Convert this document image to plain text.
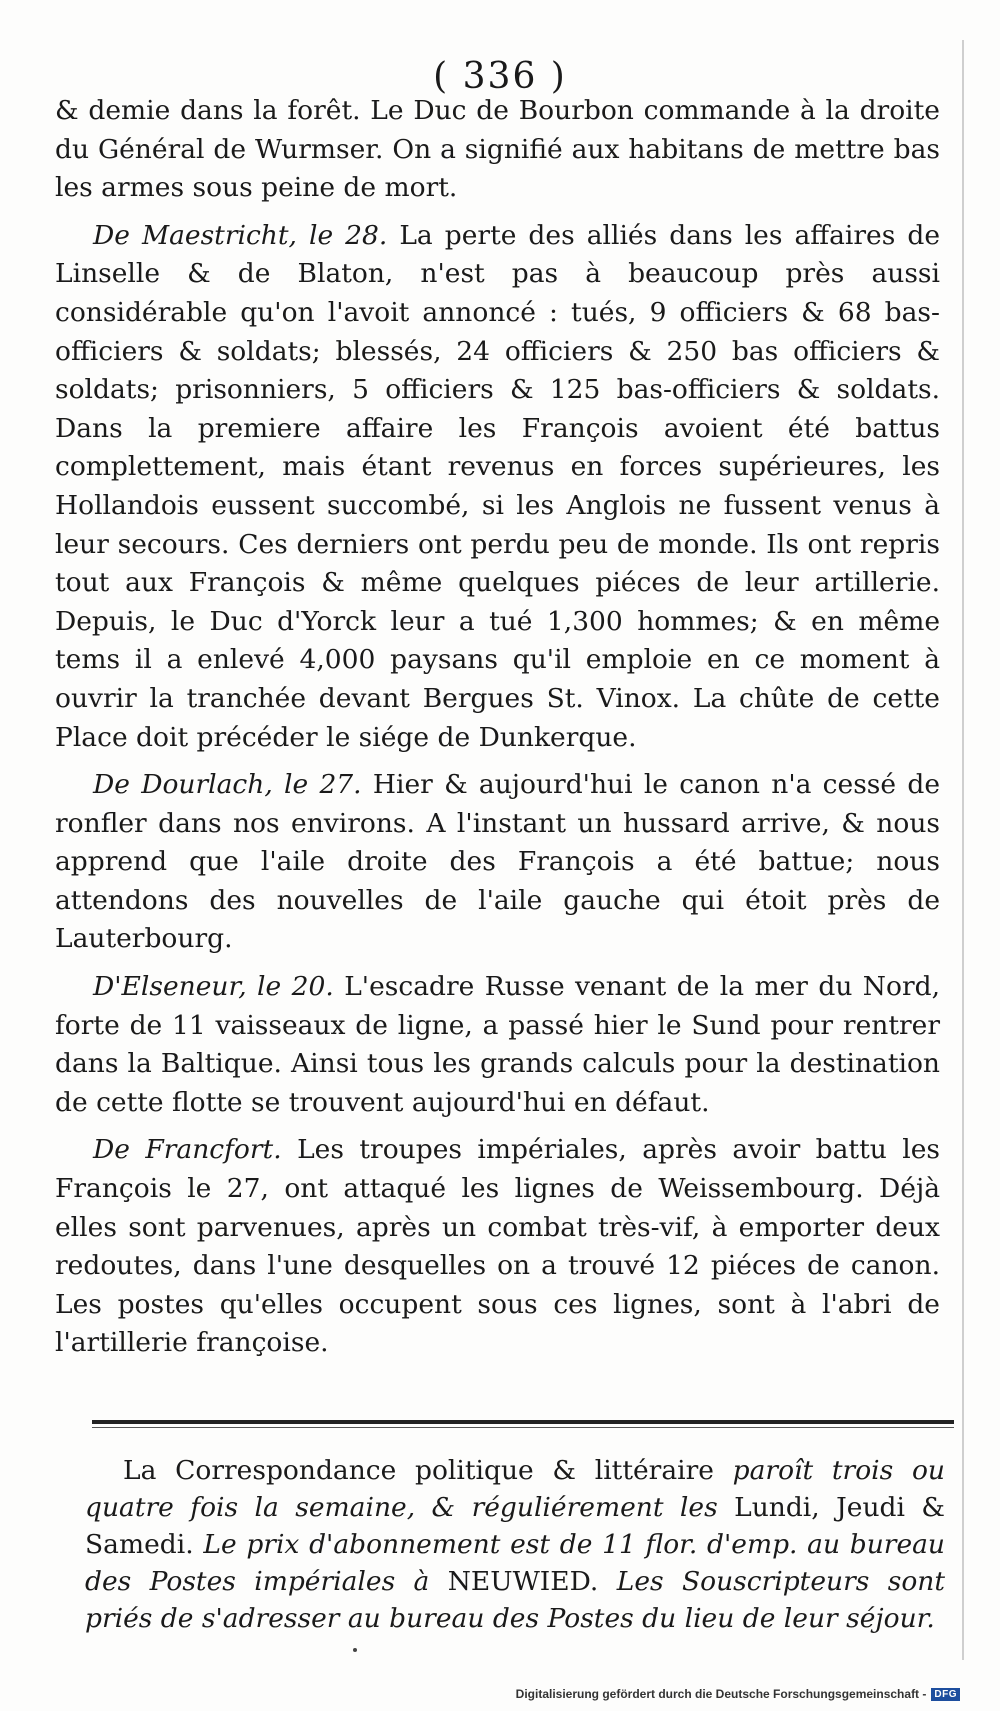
( 336 )

& demie dans la forêt. Le Duc de Bourbon commande à la droite du Général de Wurmser. On a signifié aux habitans de mettre bas les armes sous peine de mort.

De Maestricht, le 28. La perte des alliés dans les affaires de Linselle & de Blaton, n'est pas à beaucoup près aussi considérable qu'on l'avoit annoncé : tués, 9 officiers & 68 bas-officiers & soldats; blessés, 24 officiers & 250 bas officiers & soldats; prisonniers, 5 officiers & 125 bas-officiers & soldats. Dans la premiere affaire les François avoient été battus complettement, mais étant revenus en forces supérieures, les Hollandois eussent succombé, si les Anglois ne fussent venus à leur secours. Ces derniers ont perdu peu de monde. Ils ont repris tout aux François & même quelques piéces de leur artillerie. Depuis, le Duc d'Yorck leur a tué 1,300 hommes; & en même tems il a enlevé 4,000 paysans qu'il emploie en ce moment à ouvrir la tranchée devant Bergues St. Vinox. La chûte de cette Place doit précéder le siége de Dunkerque.

De Dourlach, le 27. Hier & aujourd'hui le canon n'a cessé de ronfler dans nos environs. A l'instant un hussard arrive, & nous apprend que l'aile droite des François a été battue; nous attendons des nouvelles de l'aile gauche qui étoit près de Lauterbourg.

D'Elseneur, le 20. L'escadre Russe venant de la mer du Nord, forte de 11 vaisseaux de ligne, a passé hier le Sund pour rentrer dans la Baltique. Ainsi tous les grands calculs pour la destination de cette flotte se trouvent aujourd'hui en défaut.

De Francfort. Les troupes impériales, après avoir battu les François le 27, ont attaqué les lignes de Weissembourg. Déjà elles sont parvenues, après un combat très-vif, à emporter deux redoutes, dans l'une desquelles on a trouvé 12 piéces de canon. Les postes qu'elles occupent sous ces lignes, sont à l'abri de l'artillerie françoise.

La Correspondance politique & littéraire paroît trois ou quatre fois la semaine, & réguliérement les Lundi, Jeudi & Samedi. Le prix d'abonnement est de 11 flor. d'emp. au bureau des Postes impériales à NEUWIED. Les Souscripteurs sont priés de s'adresser au bureau des Postes du lieu de leur séjour.
Digitalisierung gefördert durch die Deutsche Forschungsgemeinschaft - DFG
